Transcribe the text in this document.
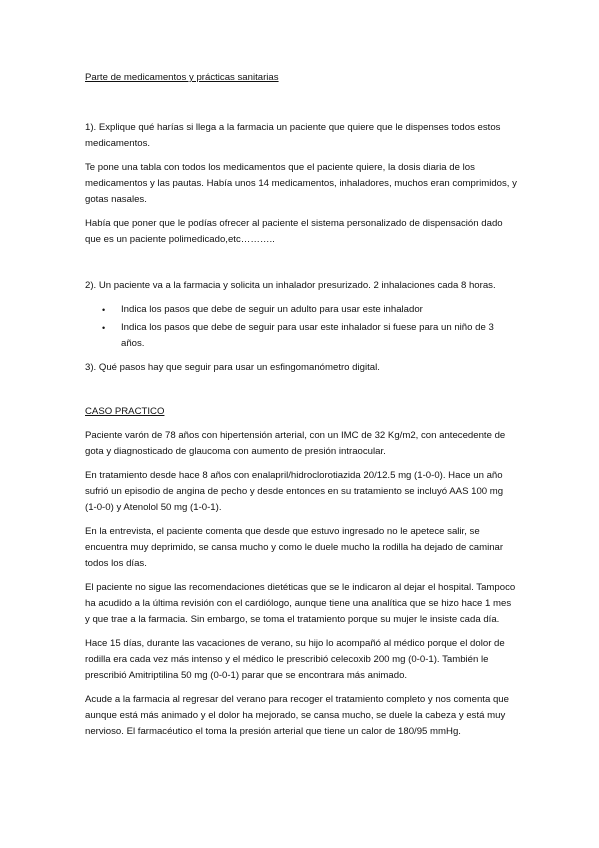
Parte de medicamentos y prácticas sanitarias

1). Explique qué harías si llega a la farmacia un paciente que quiere que le dispenses todos estos medicamentos.

Te pone una tabla con todos los medicamentos que el paciente quiere, la dosis diaria de los medicamentos y las pautas. Había unos 14 medicamentos, inhaladores, muchos eran comprimidos, y gotas nasales.

Había que poner que le podías ofrecer al paciente el sistema personalizado de dispensación dado que es un paciente polimedicado,etc………..

2). Un paciente va a la farmacia y solicita un inhalador presurizado. 2 inhalaciones cada 8 horas.

• Indica los pasos que debe de seguir un adulto para usar este inhalador
• Indica los pasos que debe de seguir para usar este inhalador si fuese para un niño de 3 años.

3). Qué pasos hay que seguir para usar un esfingomanómetro digital.

CASO PRACTICO

Paciente varón de 78 años con hipertensión arterial, con un IMC de 32 Kg/m2, con antecedente de gota y diagnosticado de glaucoma con aumento de presión intraocular.

En tratamiento desde hace 8 años con enalapril/hidroclorotiazida 20/12.5 mg (1-0-0). Hace un año sufrió un episodio de angina de pecho y desde entonces en su tratamiento se incluyó AAS 100 mg (1-0-0) y Atenolol 50 mg (1-0-1).

En la entrevista, el paciente comenta que desde que estuvo ingresado no le apetece salir, se encuentra muy deprimido, se cansa mucho y como le duele mucho la rodilla ha dejado de caminar todos los días.

El paciente no sigue las recomendaciones dietéticas que se le indicaron al dejar el hospital. Tampoco ha acudido a la última revisión con el cardiólogo, aunque tiene una analítica que se hizo hace 1 mes y que trae a la farmacia. Sin embargo, se toma el tratamiento porque su mujer le insiste cada día.

Hace 15 días, durante las vacaciones de verano, su hijo lo acompañó al médico porque el dolor de rodilla era cada vez más intenso y el médico le prescribió celecoxib 200 mg (0-0-1). También le prescribió Amitriptilina 50 mg (0-0-1) parar que se encontrara más animado.

Acude a la farmacia al regresar del verano para recoger el tratamiento completo y nos comenta que aunque está más animado y el dolor ha mejorado, se cansa mucho, se duele la cabeza y está muy nervioso. El farmacéutico el toma la presión arterial que tiene un calor de 180/95 mmHg.
